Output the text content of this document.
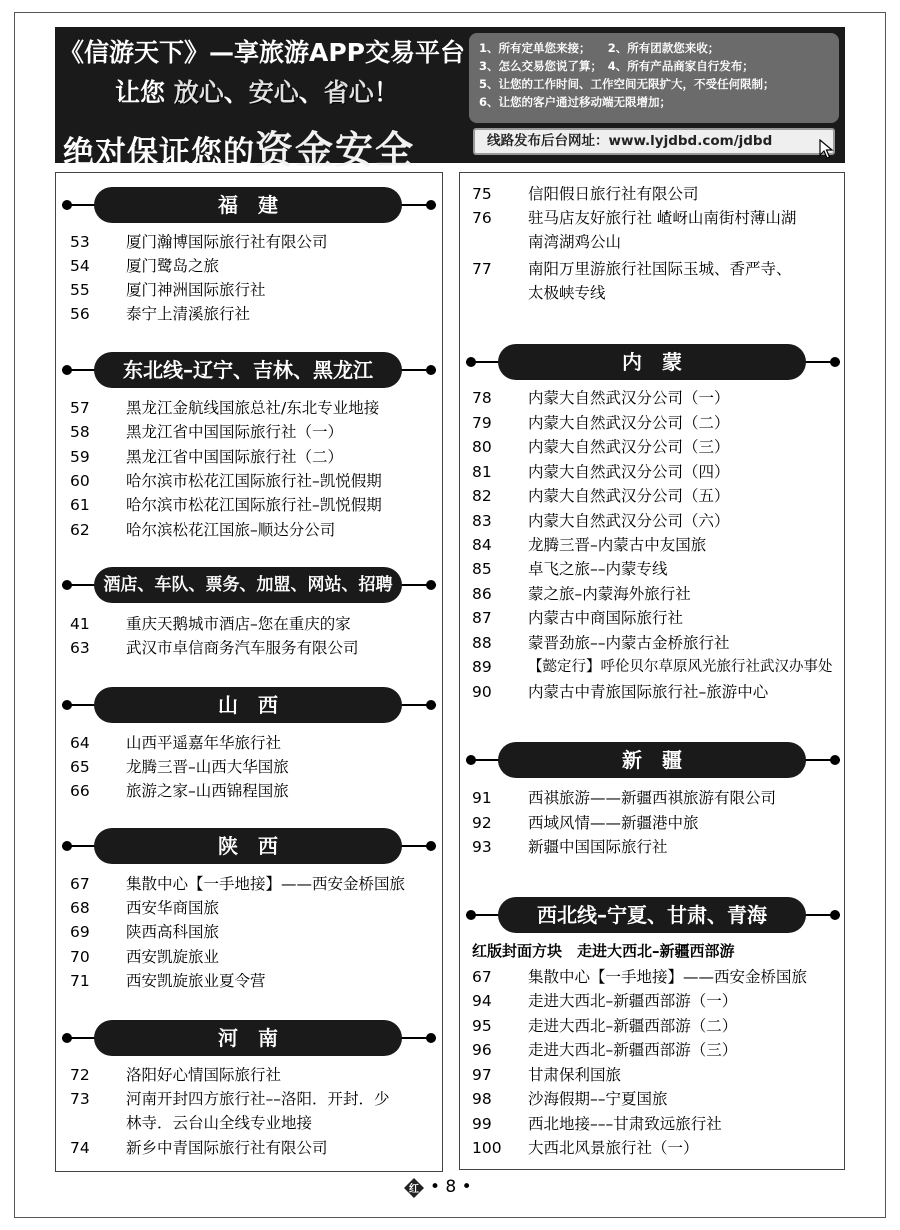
《信游天下》—享旅游APP交易平台
让您 放心、安心、省心！
绝对保证您的资金安全
1、所有定单您来接；　　2、所有团款您来收；
3、怎么交易您说了算；　4、所有产品商家自行发布；
5、让您的工作时间、工作空间无限扩大，不受任何限制；
6、让您的客户通过移动端无限增加；
线路发布后台网址：www.lyjdbd.com/jdbd
福　建
53	厦门瀚博国际旅行社有限公司
54	厦门鹭岛之旅
55	厦门神洲国际旅行社
56	泰宁上清溪旅行社
东北线–辽宁、吉林、黑龙江
57	黑龙江金航线国旅总社/东北专业地接
58	黑龙江省中国国际旅行社（一）
59	黑龙江省中国国际旅行社（二）
60	哈尔滨市松花江国际旅行社–凯悦假期
61	哈尔滨市松花江国际旅行社–凯悦假期
62	哈尔滨松花江国旅–顺达分公司
酒店、车队、票务、加盟、网站、招聘
41	重庆天鹅城市酒店–您在重庆的家
63	武汉市卓信商务汽车服务有限公司
山　西
64	山西平遥嘉年华旅行社
65	龙腾三晋–山西大华国旅
66	旅游之家–山西锦程国旅
陕　西
67	集散中心【一手地接】——西安金桥国旅
68	西安华商国旅
69	陕西高科国旅
70	西安凯旋旅业
71	西安凯旋旅业夏令营
河　南
72	洛阳好心情国际旅行社
73	河南开封四方旅行社––洛阳．开封．少
林寺．云台山全线专业地接
74	新乡中青国际旅行社有限公司
75	信阳假日旅行社有限公司
76	驻马店友好旅行社 嵖岈山南街村薄山湖
南湾湖鸡公山
77	南阳万里游旅行社国际玉城、香严寺、
太极峡专线
内　蒙
78	内蒙大自然武汉分公司（一）
79	内蒙大自然武汉分公司（二）
80	内蒙大自然武汉分公司（三）
81	内蒙大自然武汉分公司（四）
82	内蒙大自然武汉分公司（五）
83	内蒙大自然武汉分公司（六）
84	龙腾三晋–内蒙古中友国旅
85	卓飞之旅––内蒙专线
86	蒙之旅–内蒙海外旅行社
87	内蒙古中商国际旅行社
88	蒙晋劲旅––内蒙古金桥旅行社
89	【懿定行】呼伦贝尔草原风光旅行社武汉办事处
90	内蒙古中青旅国际旅行社–旅游中心
新　疆
91	西祺旅游——新疆西祺旅游有限公司
92	西域风情——新疆港中旅
93	新疆中国国际旅行社
西北线–宁夏、甘肃、青海
红版封面方块　走进大西北–新疆西部游
67	集散中心【一手地接】——西安金桥国旅
94	走进大西北–新疆西部游（一）
95	走进大西北–新疆西部游（二）
96	走进大西北–新疆西部游（三）
97	甘肃保利国旅
98	沙海假期––宁夏国旅
99	西北地接–––甘肃致远旅行社
100	大西北风景旅行社（一）
红 • 8 •
